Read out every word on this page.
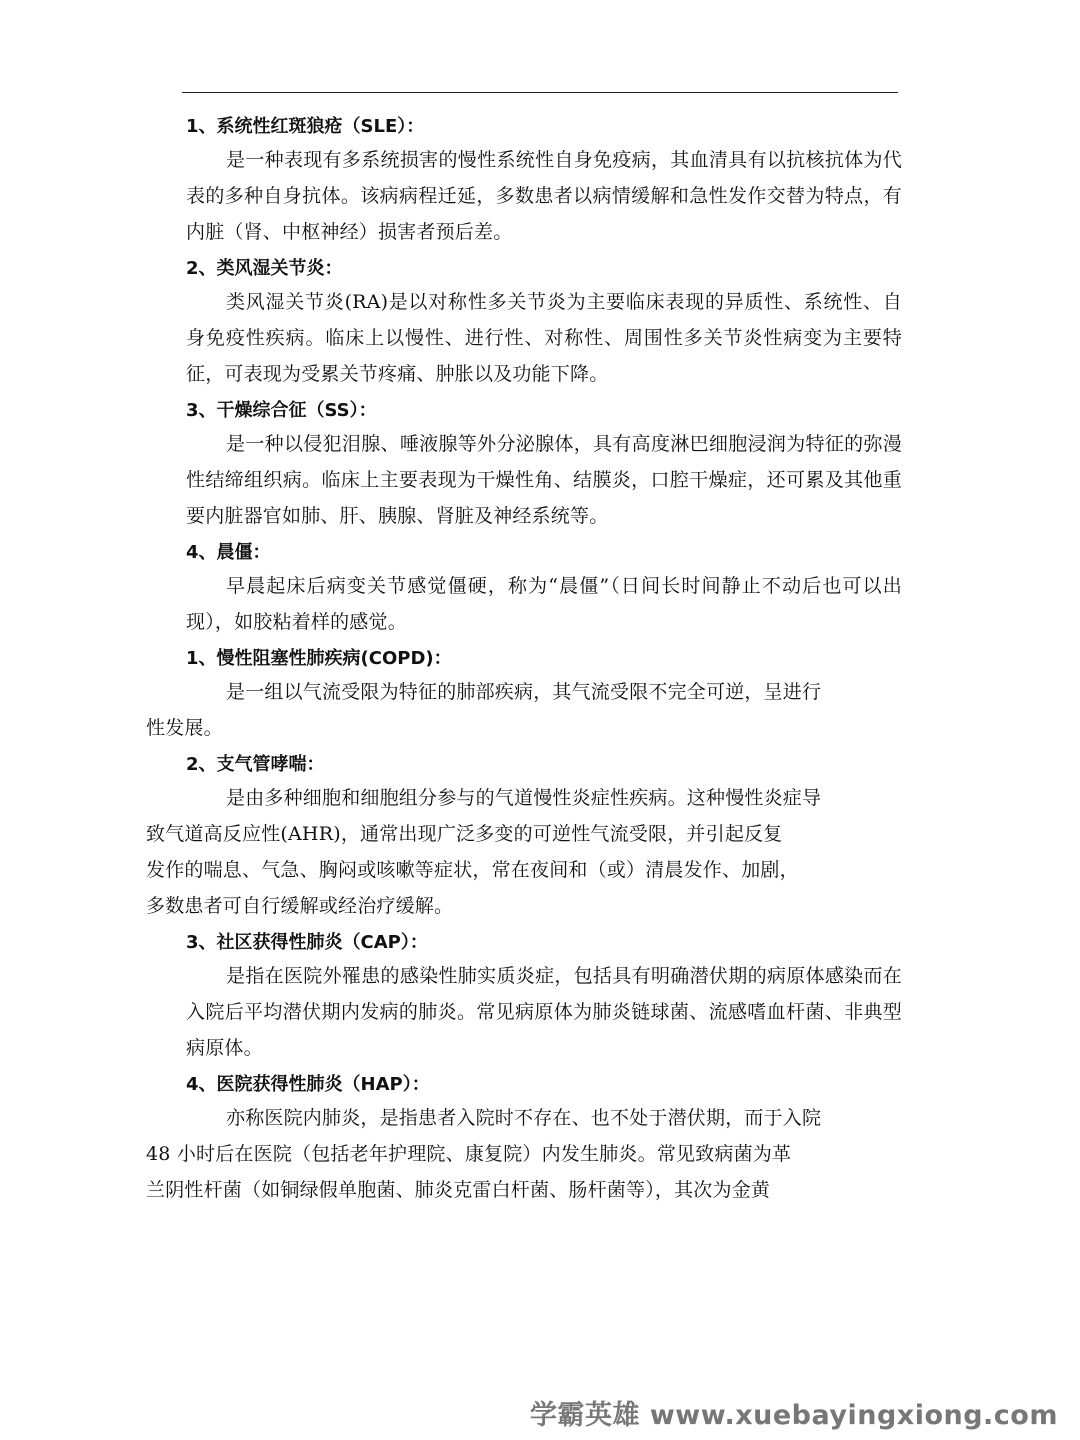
1、系统性红斑狼疮（SLE）：

是一种表现有多系统损害的慢性系统性自身免疫病，其血清具有以抗核抗体为代表的多种自身抗体。该病病程迁延，多数患者以病情缓解和急性发作交替为特点，有内脏（肾、中枢神经）损害者预后差。

2、类风湿关节炎：

类风湿关节炎(RA)是以对称性多关节炎为主要临床表现的异质性、系统性、自身免疫性疾病。临床上以慢性、进行性、对称性、周围性多关节炎性病变为主要特征，可表现为受累关节疼痛、肿胀以及功能下降。

3、干燥综合征（SS）：

是一种以侵犯泪腺、唾液腺等外分泌腺体，具有高度淋巴细胞浸润为特征的弥漫性结缔组织病。临床上主要表现为干燥性角、结膜炎，口腔干燥症，还可累及其他重要内脏器官如肺、肝、胰腺、肾脏及神经系统等。

4、晨僵：

早晨起床后病变关节感觉僵硬，称为“晨僵”（日间长时间静止不动后也可以出现），如胶粘着样的感觉。

1、慢性阻塞性肺疾病(COPD)：

是一组以气流受限为特征的肺部疾病，其气流受限不完全可逆，呈进行
性发展。

2、支气管哮喘：

是由多种细胞和细胞组分参与的气道慢性炎症性疾病。这种慢性炎症导
致气道高反应性(AHR)，通常出现广泛多变的可逆性气流受限，并引起反复
发作的喘息、气急、胸闷或咳嗽等症状，常在夜间和（或）清晨发作、加剧，
多数患者可自行缓解或经治疗缓解。

3、社区获得性肺炎（CAP）：

是指在医院外罹患的感染性肺实质炎症，包括具有明确潜伏期的病原体感染而在入院后平均潜伏期内发病的肺炎。常见病原体为肺炎链球菌、流感嗜血杆菌、非典型病原体。

4、医院获得性肺炎（HAP）：

亦称医院内肺炎，是指患者入院时不存在、也不处于潜伏期，而于入院
48 小时后在医院（包括老年护理院、康复院）内发生肺炎。常见致病菌为革
兰阴性杆菌（如铜绿假单胞菌、肺炎克雷白杆菌、肠杆菌等），其次为金黄

学霸英雄 www.xuebayingxiong.com
